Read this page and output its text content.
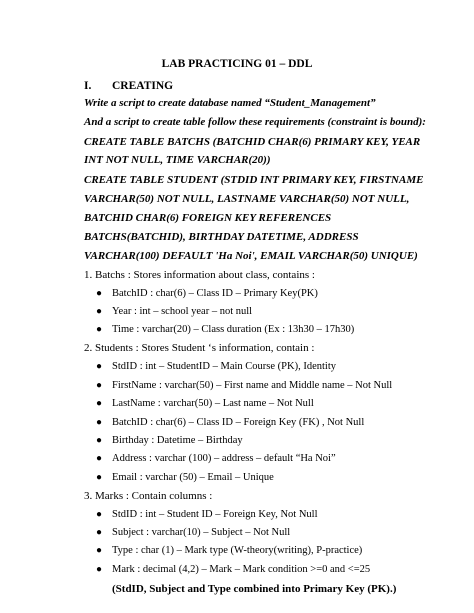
LAB PRACTICING 01 – DDL
I. CREATING
Write a script to create database named “Student_Management”
And a script to create table follow these requirements (constraint is bound):
CREATE TABLE BATCHS (BATCHID CHAR(6) PRIMARY KEY, YEAR
INT NOT NULL, TIME VARCHAR(20))
CREATE TABLE STUDENT (STDID INT PRIMARY KEY, FIRSTNAME
VARCHAR(50) NOT NULL, LASTNAME VARCHAR(50) NOT NULL,
BATCHID CHAR(6) FOREIGN KEY REFERENCES
BATCHS(BATCHID), BIRTHDAY DATETIME, ADDRESS
VARCHAR(100) DEFAULT 'Ha Noi', EMAIL VARCHAR(50) UNIQUE)
1. Batchs : Stores information about class, contains :
● BatchID : char(6) – Class ID – Primary Key(PK)
● Year : int – school year – not null
● Time : varchar(20) – Class duration (Ex : 13h30 – 17h30)
2. Students : Stores Student ‘s information, contain :
● StdID : int – StudentID – Main Course (PK), Identity
● FirstName : varchar(50) – First name and Middle name – Not Null
● LastName : varchar(50) – Last name – Not Null
● BatchID : char(6) – Class ID – Foreign Key (FK) , Not Null
● Birthday : Datetime – Birthday
● Address : varchar (100) – address – default “Ha Noi”
● Email : varchar (50) – Email – Unique
3. Marks : Contain columns :
● StdID : int – Student ID – Foreign Key, Not Null
● Subject : varchar(10) – Subject – Not Null
● Type : char (1) – Mark type (W-theory(writing), P-practice)
● Mark : decimal (4,2) – Mark – Mark condition >=0 and <=25
(StdID, Subject and Type combined into Primary Key (PK).)
